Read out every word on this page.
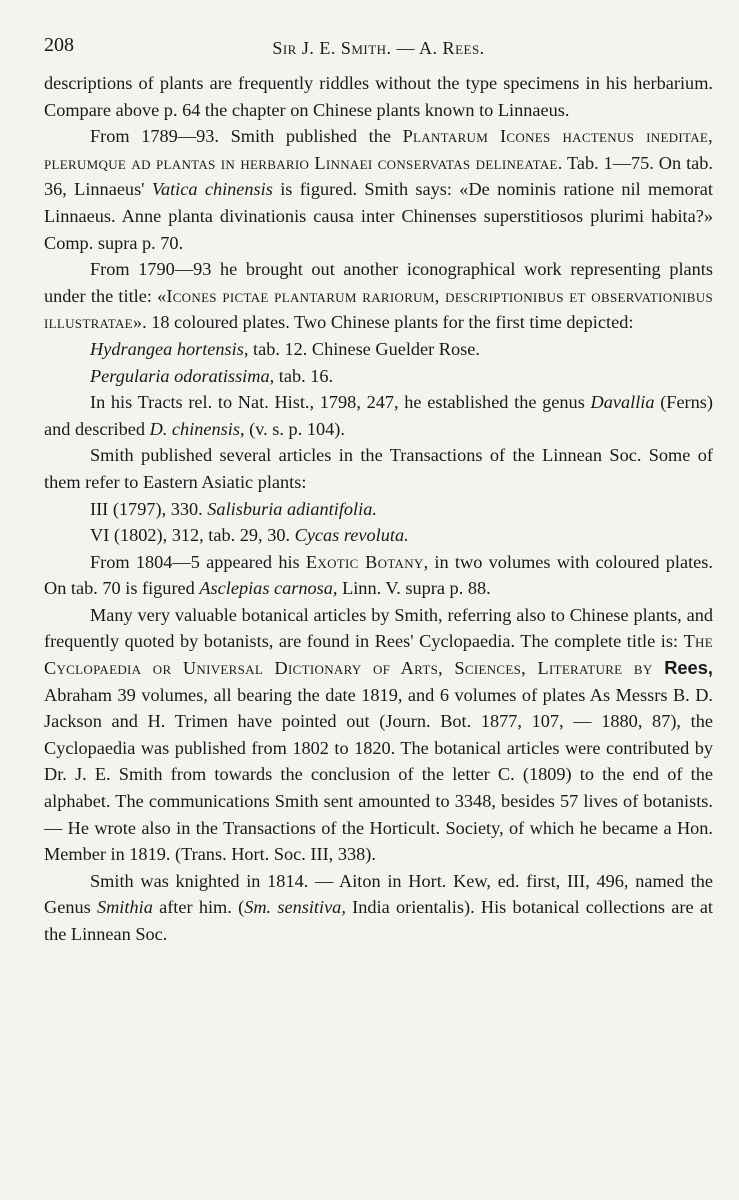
208	Sir J. E. Smith. — A. Rees.

descriptions of plants are frequently riddles without the type specimens in his herbarium. Compare above p. 64 the chapter on Chinese plants known to Linnaeus.

From 1789—93. Smith published the Plantarum Icones hactenus ineditae, plerumque ad plantas in herbario Linnaei conservatas delineatae. Tab. 1—75. On tab. 36, Linnaeus' Vatica chinensis is figured. Smith says: «De nominis ratione nil memorat Linnaeus. Anne planta divinationis causa inter Chinenses superstitiosos plurimi habita?» Comp. supra p. 70.

From 1790—93 he brought out another iconographical work representing plants under the title: «Icones pictae plantarum rariorum, descriptionibus et observationibus illustratae». 18 coloured plates. Two Chinese plants for the first time depicted:

Hydrangea hortensis, tab. 12. Chinese Guelder Rose.

Pergularia odoratissima, tab. 16.

In his Tracts rel. to Nat. Hist., 1798, 247, he established the genus Davallia (Ferns) and described D. chinensis, (v. s. p. 104).

Smith published several articles in the Transactions of the Linnean Soc. Some of them refer to Eastern Asiatic plants:

III (1797), 330. Salisburia adiantifolia.

VI (1802), 312, tab. 29, 30. Cycas revoluta.

From 1804—5 appeared his Exotic Botany, in two volumes with coloured plates. On tab. 70 is figured Asclepias carnosa, Linn. V. supra p. 88.

Many very valuable botanical articles by Smith, referring also to Chinese plants, and frequently quoted by botanists, are found in Rees' Cyclopaedia. The complete title is: The Cyclopaedia or Universal Dictionary of Arts, Sciences, Literature by Rees, Abraham 39 volumes, all bearing the date 1819, and 6 volumes of plates As Messrs B. D. Jackson and H. Trimen have pointed out (Journ. Bot. 1877, 107, — 1880, 87), the Cyclopaedia was published from 1802 to 1820. The botanical articles were contributed by Dr. J. E. Smith from towards the conclusion of the letter C. (1809) to the end of the alphabet. The communications Smith sent amounted to 3348, besides 57 lives of botanists. — He wrote also in the Transactions of the Horticult. Society, of which he became a Hon. Member in 1819. (Trans. Hort. Soc. III, 338).

Smith was knighted in 1814. — Aiton in Hort. Kew, ed. first, III, 496, named the Genus Smithia after him. (Sm. sensitiva, India orientalis). His botanical collections are at the Linnean Soc.
